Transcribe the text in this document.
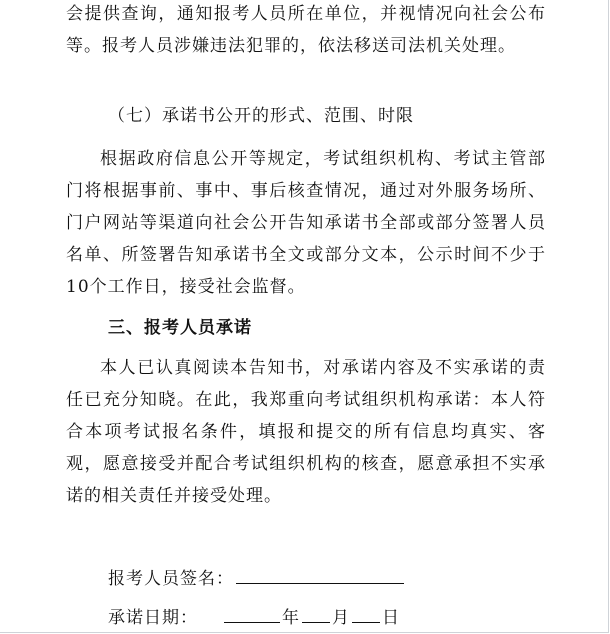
会提供查询，通知报考人员所在单位，并视情况向社会公布等。报考人员涉嫌违法犯罪的，依法移送司法机关处理。

（七）承诺书公开的形式、范围、时限

根据政府信息公开等规定，考试组织机构、考试主管部门将根据事前、事中、事后核查情况，通过对外服务场所、门户网站等渠道向社会公开告知承诺书全部或部分签署人员名单、所签署告知承诺书全文或部分文本，公示时间不少于10个工作日，接受社会监督。

三、报考人员承诺

本人已认真阅读本告知书，对承诺内容及不实承诺的责任已充分知晓。在此，我郑重向考试组织机构承诺：本人符合本项考试报名条件，填报和提交的所有信息均真实、客观，愿意接受并配合考试组织机构的核查，愿意承担不实承诺的相关责任并接受处理。

报考人员签名：
承诺日期：	年 月 日
